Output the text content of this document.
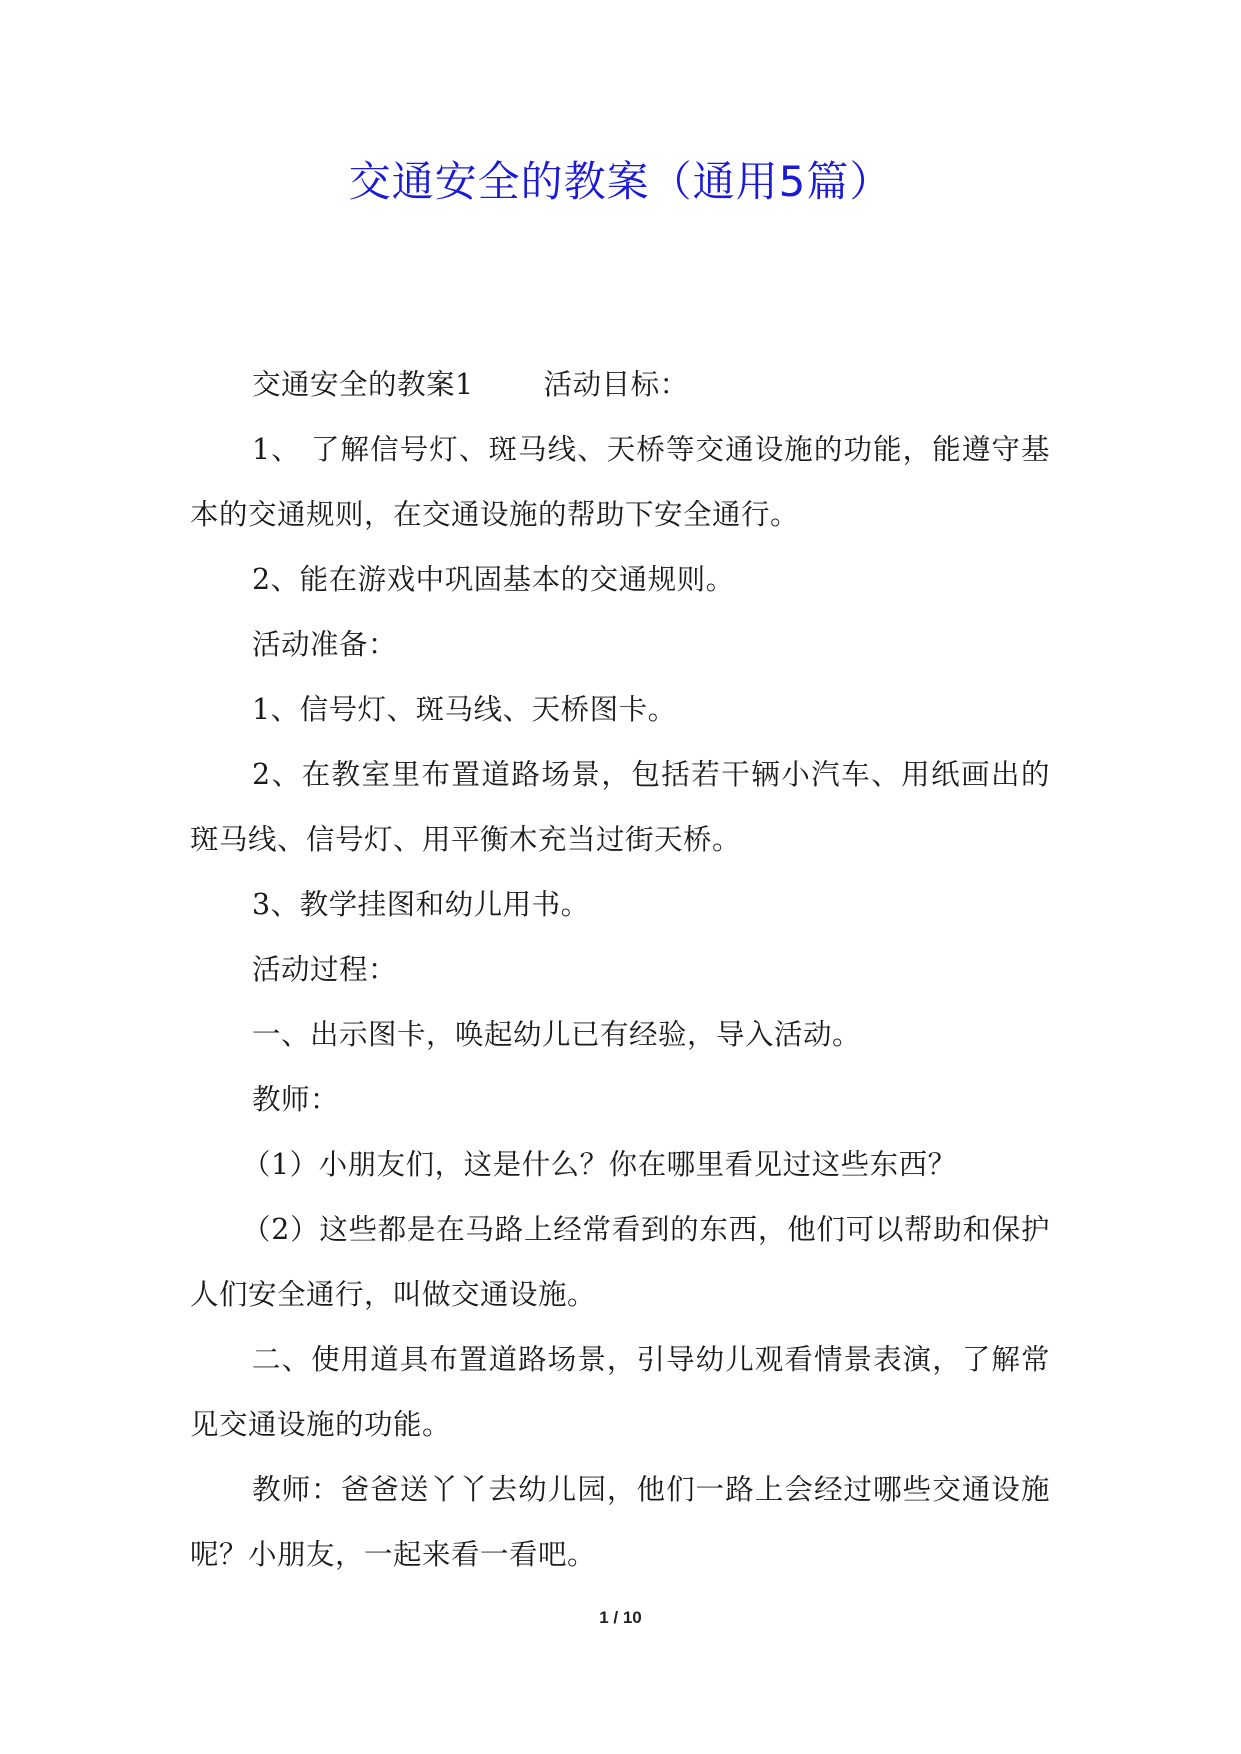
交通安全的教案（通用5篇）

交通安全的教案1 活动目标：

1、 了解信号灯、斑马线、天桥等交通设施的功能，能遵守基本的交通规则，在交通设施的帮助下安全通行。

2、能在游戏中巩固基本的交通规则。

活动准备：

1、信号灯、斑马线、天桥图卡。

2、在教室里布置道路场景，包括若干辆小汽车、用纸画出的斑马线、信号灯、用平衡木充当过街天桥。

3、教学挂图和幼儿用书。

活动过程：

一、出示图卡，唤起幼儿已有经验，导入活动。

教师：

（1）小朋友们，这是什么？你在哪里看见过这些东西？

（2）这些都是在马路上经常看到的东西，他们可以帮助和保护人们安全通行，叫做交通设施。

二、使用道具布置道路场景，引导幼儿观看情景表演，了解常见交通设施的功能。

教师：爸爸送丫丫去幼儿园，他们一路上会经过哪些交通设施呢？小朋友，一起来看一看吧。

1 / 10
